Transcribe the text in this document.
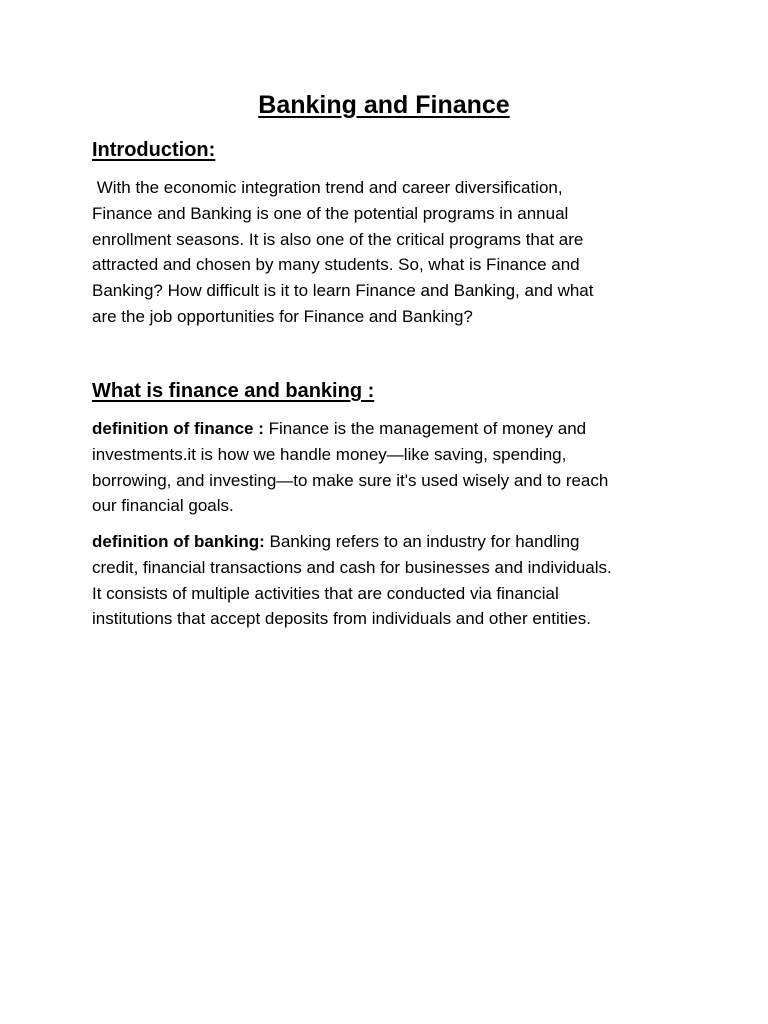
Banking and Finance
Introduction:

With the economic integration trend and career diversification,
Finance and Banking is one of the potential programs in annual
enrollment seasons. It is also one of the critical programs that are
attracted and chosen by many students. So, what is Finance and
Banking? How difficult is it to learn Finance and Banking, and what
are the job opportunities for Finance and Banking?

What is finance and banking :

definition of finance : Finance is the management of money and
investments.it is how we handle money—like saving, spending,
borrowing, and investing—to make sure it's used wisely and to reach
our financial goals.

definition of banking: Banking refers to an industry for handling
credit, financial transactions and cash for businesses and individuals.
It consists of multiple activities that are conducted via financial
institutions that accept deposits from individuals and other entities.
